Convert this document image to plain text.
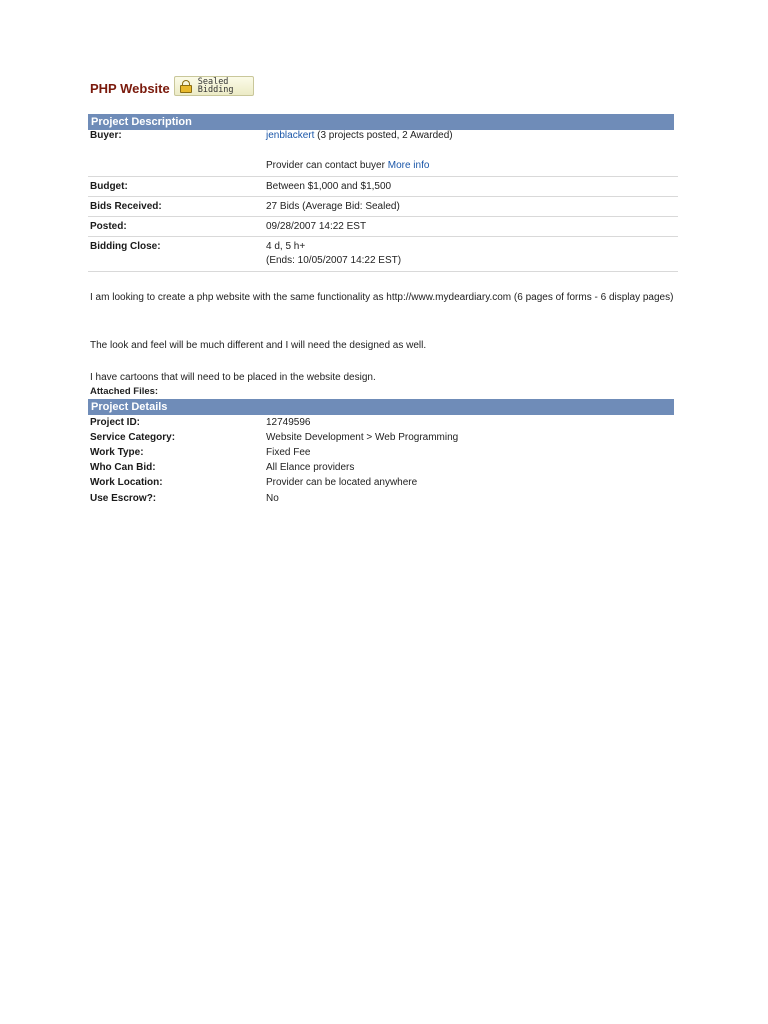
PHP Website	Sealed
Bidding
Project Description
Buyer:	jenblackert (3 projects posted, 2 Awarded)
Provider can contact buyer More info
Budget:	Between $1,000 and $1,500
Bids Received:	27 Bids (Average Bid: Sealed)
Posted:	09/28/2007 14:22 EST
Bidding Close:	4 d, 5 h+
(Ends: 10/05/2007 14:22 EST)
I am looking to create a php website with the same functionality as http://www.mydeardiary.com (6 pages of forms - 6 display pages)
The look and feel will be much different and I will need the designed as well.
I have cartoons that will need to be placed in the website design.
Attached Files:
Project Details
Project ID:	12749596
Service Category:	Website Development > Web Programming
Work Type:	Fixed Fee
Who Can Bid:	All Elance providers
Work Location:	Provider can be located anywhere
Use Escrow?:	No
